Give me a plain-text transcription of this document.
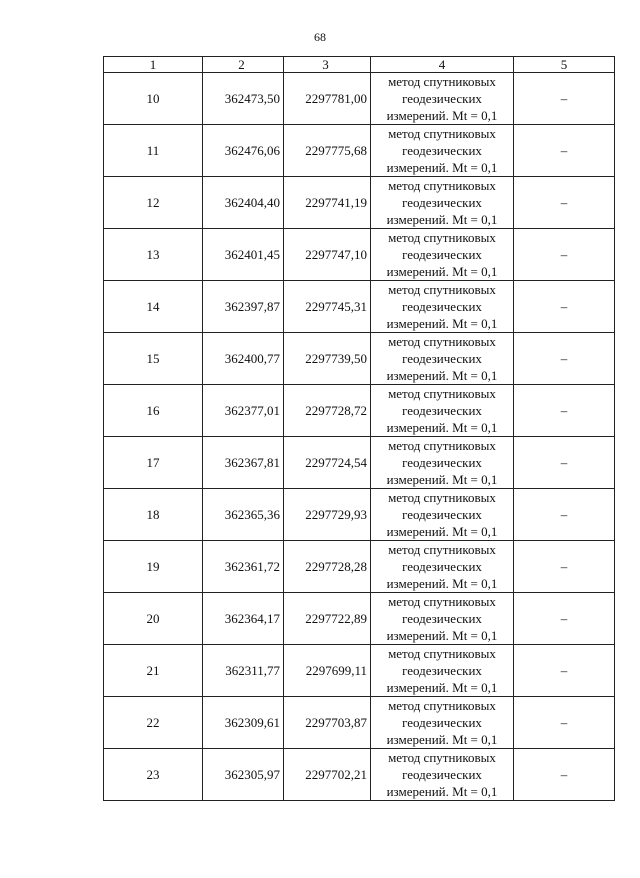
68
1	2	3	4	5
10	362473,50	2297781,00	метод спутниковых
геодезических
измерений. Mt = 0,1	–
11	362476,06	2297775,68	метод спутниковых
геодезических
измерений. Mt = 0,1	–
12	362404,40	2297741,19	метод спутниковых
геодезических
измерений. Mt = 0,1	–
13	362401,45	2297747,10	метод спутниковых
геодезических
измерений. Mt = 0,1	–
14	362397,87	2297745,31	метод спутниковых
геодезических
измерений. Mt = 0,1	–
15	362400,77	2297739,50	метод спутниковых
геодезических
измерений. Mt = 0,1	–
16	362377,01	2297728,72	метод спутниковых
геодезических
измерений. Mt = 0,1	–
17	362367,81	2297724,54	метод спутниковых
геодезических
измерений. Mt = 0,1	–
18	362365,36	2297729,93	метод спутниковых
геодезических
измерений. Mt = 0,1	–
19	362361,72	2297728,28	метод спутниковых
геодезических
измерений. Mt = 0,1	–
20	362364,17	2297722,89	метод спутниковых
геодезических
измерений. Mt = 0,1	–
21	362311,77	2297699,11	метод спутниковых
геодезических
измерений. Mt = 0,1	–
22	362309,61	2297703,87	метод спутниковых
геодезических
измерений. Mt = 0,1	–
23	362305,97	2297702,21	метод спутниковых
геодезических
измерений. Mt = 0,1	–
